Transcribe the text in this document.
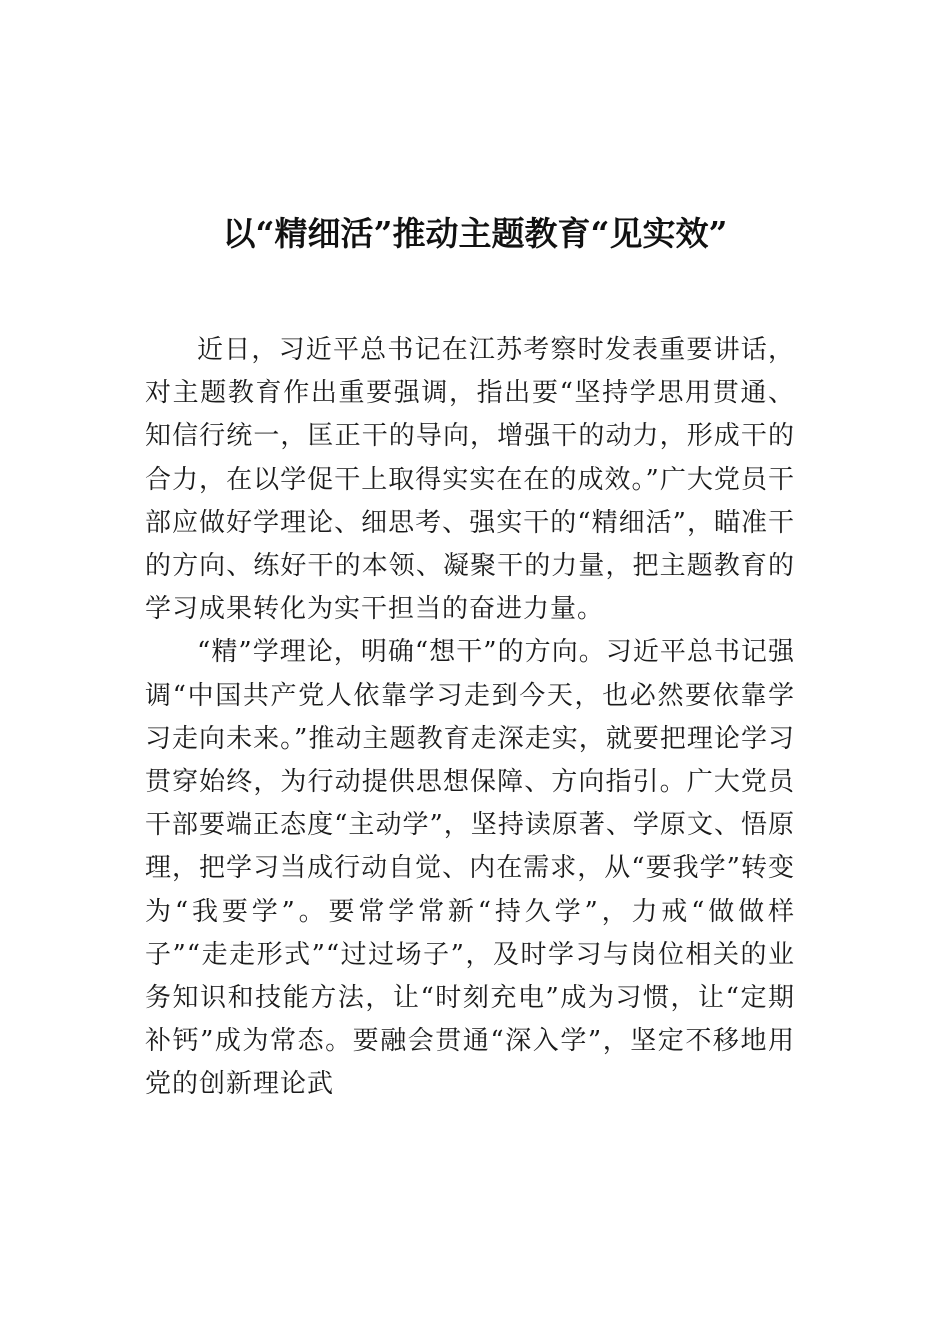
以“精细活”推动主题教育“见实效”

近日，习近平总书记在江苏考察时发表重要讲话，对主题教育作出重要强调，指出要“坚持学思用贯通、知信行统一，匡正干的导向，增强干的动力，形成干的合力，在以学促干上取得实实在在的成效。”广大党员干部应做好学理论、细思考、强实干的“精细活”，瞄准干的方向、练好干的本领、凝聚干的力量，把主题教育的学习成果转化为实干担当的奋进力量。

“精”学理论，明确“想干”的方向。习近平总书记强调“中国共产党人依靠学习走到今天，也必然要依靠学习走向未来。”推动主题教育走深走实，就要把理论学习贯穿始终，为行动提供思想保障、方向指引。广大党员干部要端正态度“主动学”，坚持读原著、学原文、悟原理，把学习当成行动自觉、内在需求，从“要我学”转变为“我要学”。要常学常新“持久学”，力戒“做做样子”“走走形式”“过过场子”，及时学习与岗位相关的业务知识和技能方法，让“时刻充电”成为习惯，让“定期补钙”成为常态。要融会贯通“深入学”，坚定不移地用党的创新理论武
